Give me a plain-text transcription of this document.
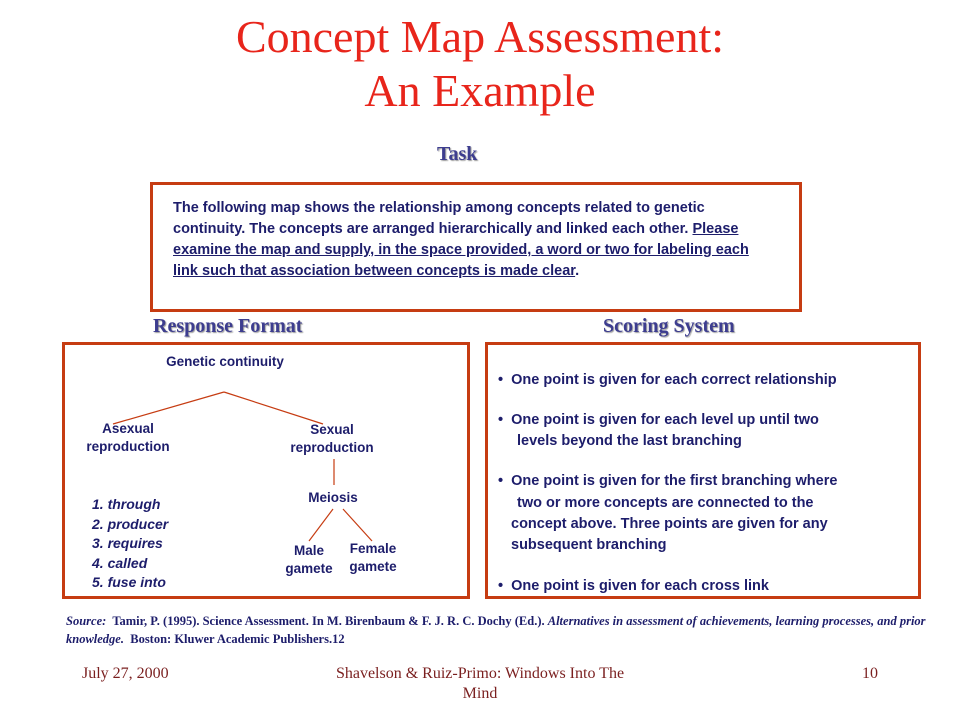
Concept Map Assessment:
An Example
Task
The following map shows the relationship among concepts related to genetic continuity. The concepts are arranged hierarchically and linked each other. Please examine the map and supply, in the space provided, a word or two for labeling each link such that association between concepts is made clear.
Response Format	Scoring System
Genetic continuity
Asexual reproduction
Sexual reproduction
Meiosis
Male gamete
Female gamete
1. through
2. producer
3. requires
4. called
5. fuse into

• One point is given for each correct relationship

• One point is given for each level up until two

levels beyond the last branching

• One point is given for the first branching where

two or more concepts are connected to the

concept above. Three points are given for any

subsequent branching

• One point is given for each cross link

Source: Tamir, P. (1995). Science Assessment. In M. Birenbaum & F. J. R. C. Dochy (Ed.). Alternatives in assessment of achievements, learning processes, and prior knowledge. Boston: Kluwer Academic Publishers.12
July 27, 2000	Shavelson & Ruiz-Primo: Windows Into The Mind
10
